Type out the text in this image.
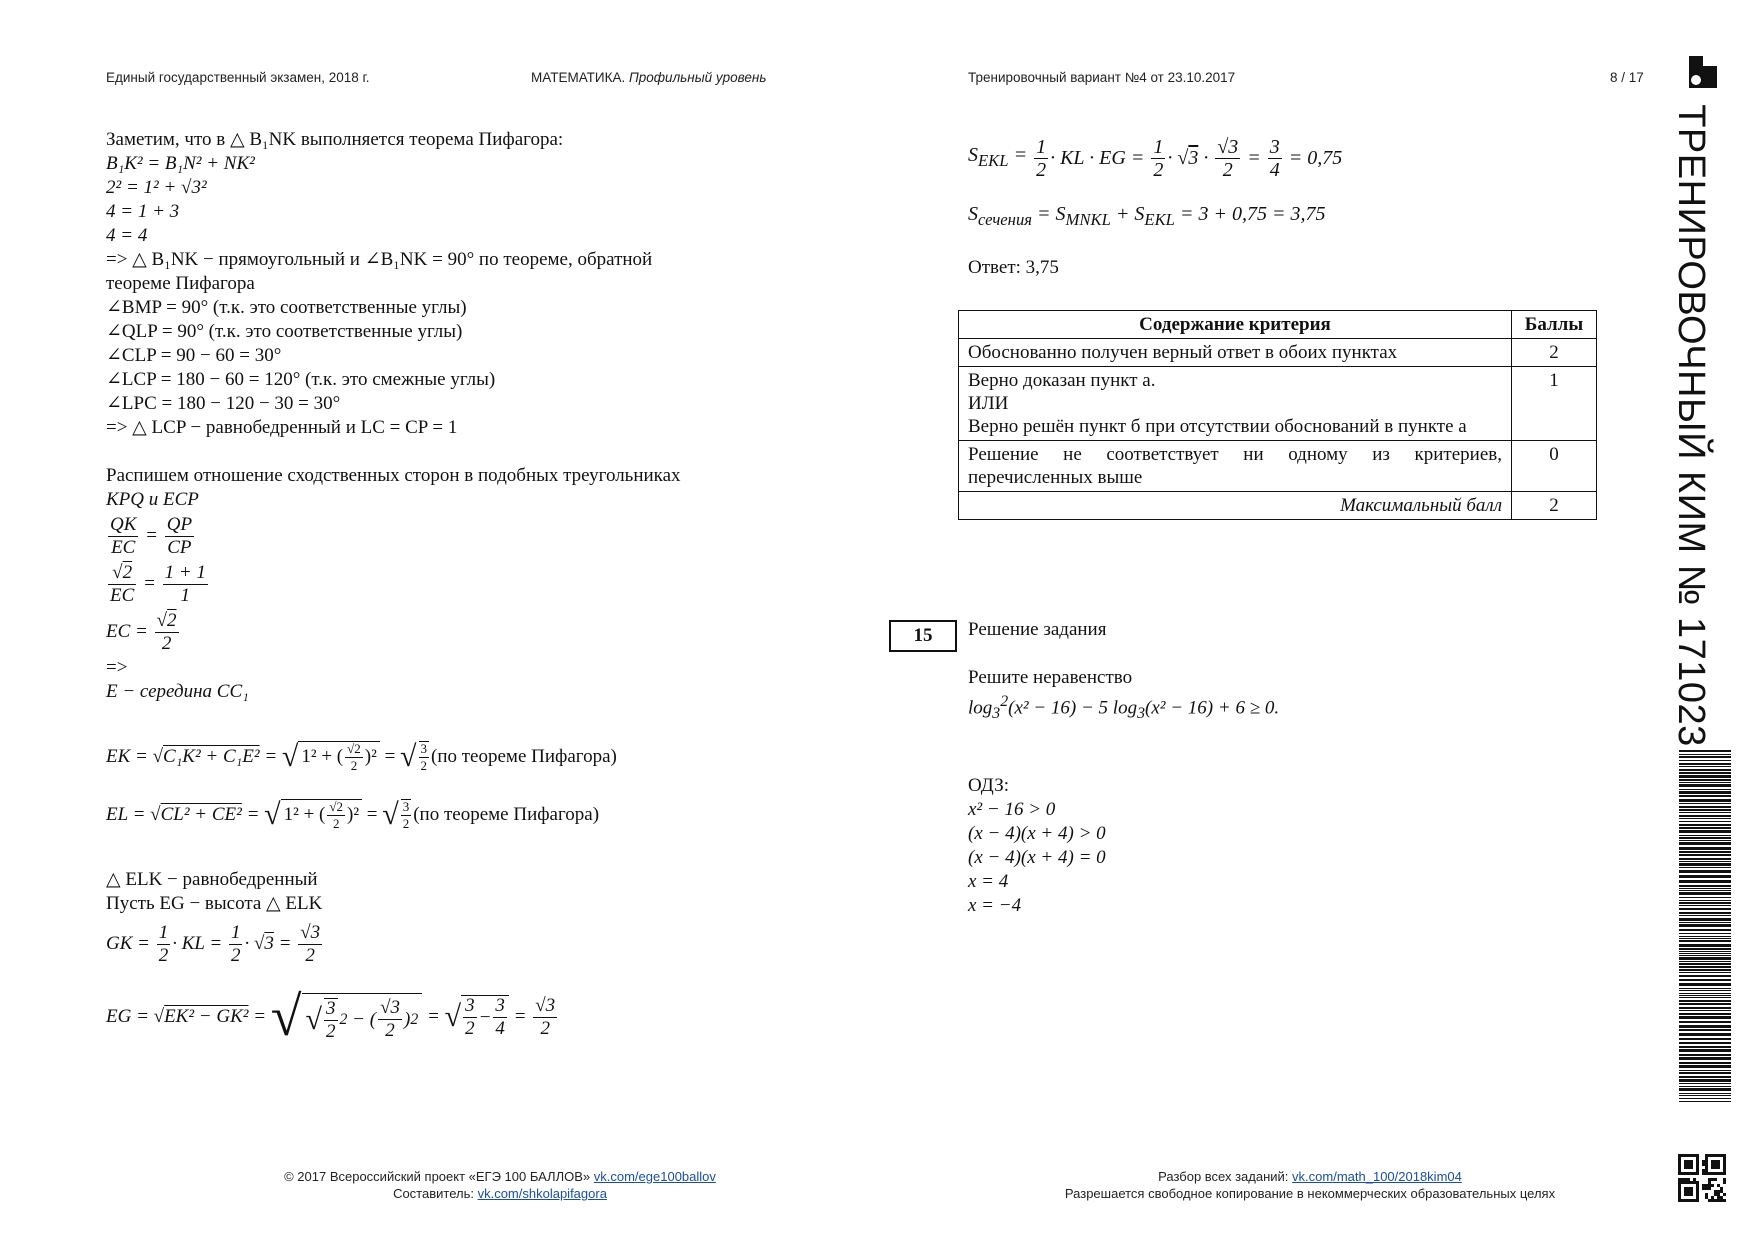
Единый государственный экзамен, 2018 г.	МАТЕМАТИКА. Профильный уровень	Тренировочный вариант №4 от 23.10.2017	8 / 17
Заметим, что в △ B₁NK выполняется теорема Пифагора:
B₁K² = B₁N² + NK²
2² = 1² + √3²
4 = 1 + 3
4 = 4
=> △ B₁NK − прямоугольный и ∠B₁NK = 90° по теореме, обратной
теореме Пифагора
∠BMP = 90° (т.к. это соответственные углы)
∠QLP = 90° (т.к. это соответственные углы)
∠CLP = 90 − 60 = 30°
∠LCP = 180 − 60 = 120° (т.к. это смежные углы)
∠LPC = 180 − 120 − 30 = 30°
=> △ LCP − равнобедренный и LC = CP = 1
Распишем отношение сходственных сторон в подобных треугольниках
KPQ и ECP
$\frac{QK}{EC} = \frac{QP}{CP}$
$\frac{√2}{EC} = \frac{1 + 1}{1}$
EC = $\frac{√2}{2}$
=>
E − середина CC₁
EK = √C₁K² + C₁E² = √ 1² + ( $\frac{√2}{2} )^2$ = √ $\frac{3}{2} (по$ теореме Пифагора)
EL = √CL² + CE² = √ 1² + ( $\frac{√2}{2} )^2$ = √ $\frac{3}{2} (по$ теореме Пифагора)
△ ELK − равнобедренный
Пусть EG − высота △ ELK
GK = $\frac{1}{2}$ · KL = $\frac{1}{2} \cdot √3 = \frac{√3}{2}$
EG = √EK² − GK² = √ √ $\frac{3}{2} 2$ − ( $\frac{√3}{2}$ ) 2 = √ $\frac{3}{2} - \frac{3}{4} = \frac{√3}{2}$
$S_{EKL} = \frac{1}{2}$ · KL · EG = $\frac{1}{2} \cdot √3 \cdot \frac{√3}{2} = \frac{3}{4} = 0,75$
$S_{сечения} = S_{MNKL} + S_{EKL} = 3 + 0,75 = 3,75$
Ответ: 3,75
Содержание критерия	Баллы
Обоснованно получен верный ответ в обоих пунктах	2

Верно доказан пункт а.
ИЛИ
Верно решён пункт б при отсутствии обоснований в пункте а	1
Решение не соответствует ни одному из критериев, перечисленных выше	0
Максимальный балл	2
15	Решение задания
Решите неравенство
$\log_3^2(x^2 - 16) - 5$ $\log_3(x^2 - 16) + 6 \ge 0$.
ОДЗ:
x² − 16 > 0
(x − 4)(x + 4) > 0
(x − 4)(x + 4) = 0
x = 4
x = −4
ТРЕНИРОВОЧНЫЙ КИМ № 171023
© 2017 Всероссийский проект «ЕГЭ 100 БАЛЛОВ» vk.com/ege100ballov
Составитель: vk.com/shkolapifagora
Разбор всех заданий: vk.com/math_100/2018kim04
Разрешается свободное копирование в некоммерческих образовательных целях
